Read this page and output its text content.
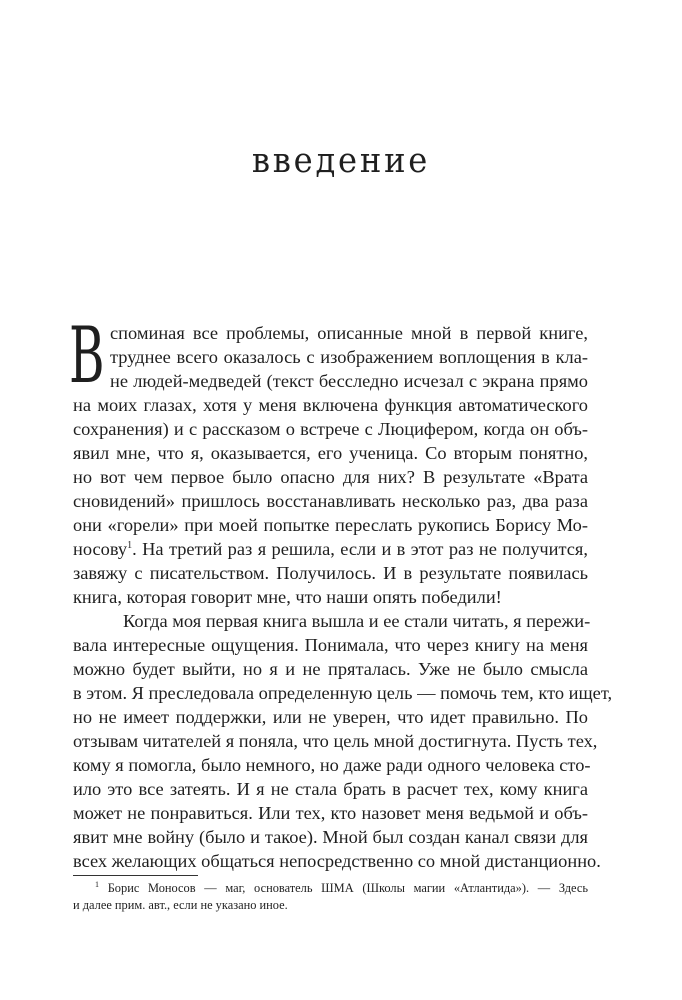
введение
В споминая все проблемы, описанные мной в первой книге,
труднее всего оказалось с изображением воплощения в кла-
не людей-медведей (текст бесследно исчезал с экрана прямо
на моих глазах, хотя у меня включена функция автоматического
сохранения) и с рассказом о встрече с Люцифером, когда он объ-
явил мне, что я, оказывается, его ученица. Со вторым понятно,
но вот чем первое было опасно для них? В результате «Врата
сновидений» пришлось восстанавливать несколько раз, два раза
они «горели» при моей попытке переслать рукопись Борису Мо-
носову$^1$. На третий раз я решила, если и в этот раз не получится,
завяжу с писательством. Получилось. И в результате появилась
книга, которая говорит мне, что наши опять победили!
Когда моя первая книга вышла и ее стали читать, я пережи-
вала интересные ощущения. Понимала, что через книгу на меня
можно будет выйти, но я и не пряталась. Уже не было смысла
в этом. Я преследовала определенную цель — помочь тем, кто ищет,
но не имеет поддержки, или не уверен, что идет правильно. По
отзывам читателей я поняла, что цель мной достигнута. Пусть тех,
кому я помогла, было немного, но даже ради одного человека сто-
ило это все затеять. И я не стала брать в расчет тех, кому книга
может не понравиться. Или тех, кто назовет меня ведьмой и объ-
явит мне войну (было и такое). Мной был создан канал связи для
всех желающих общаться непосредственно со мной дистанционно.
$^1$ Борис Моносов — маг, основатель ШМА (Школы магии «Атлантида»). — Здесь
и далее прим. авт., если не указано иное.
